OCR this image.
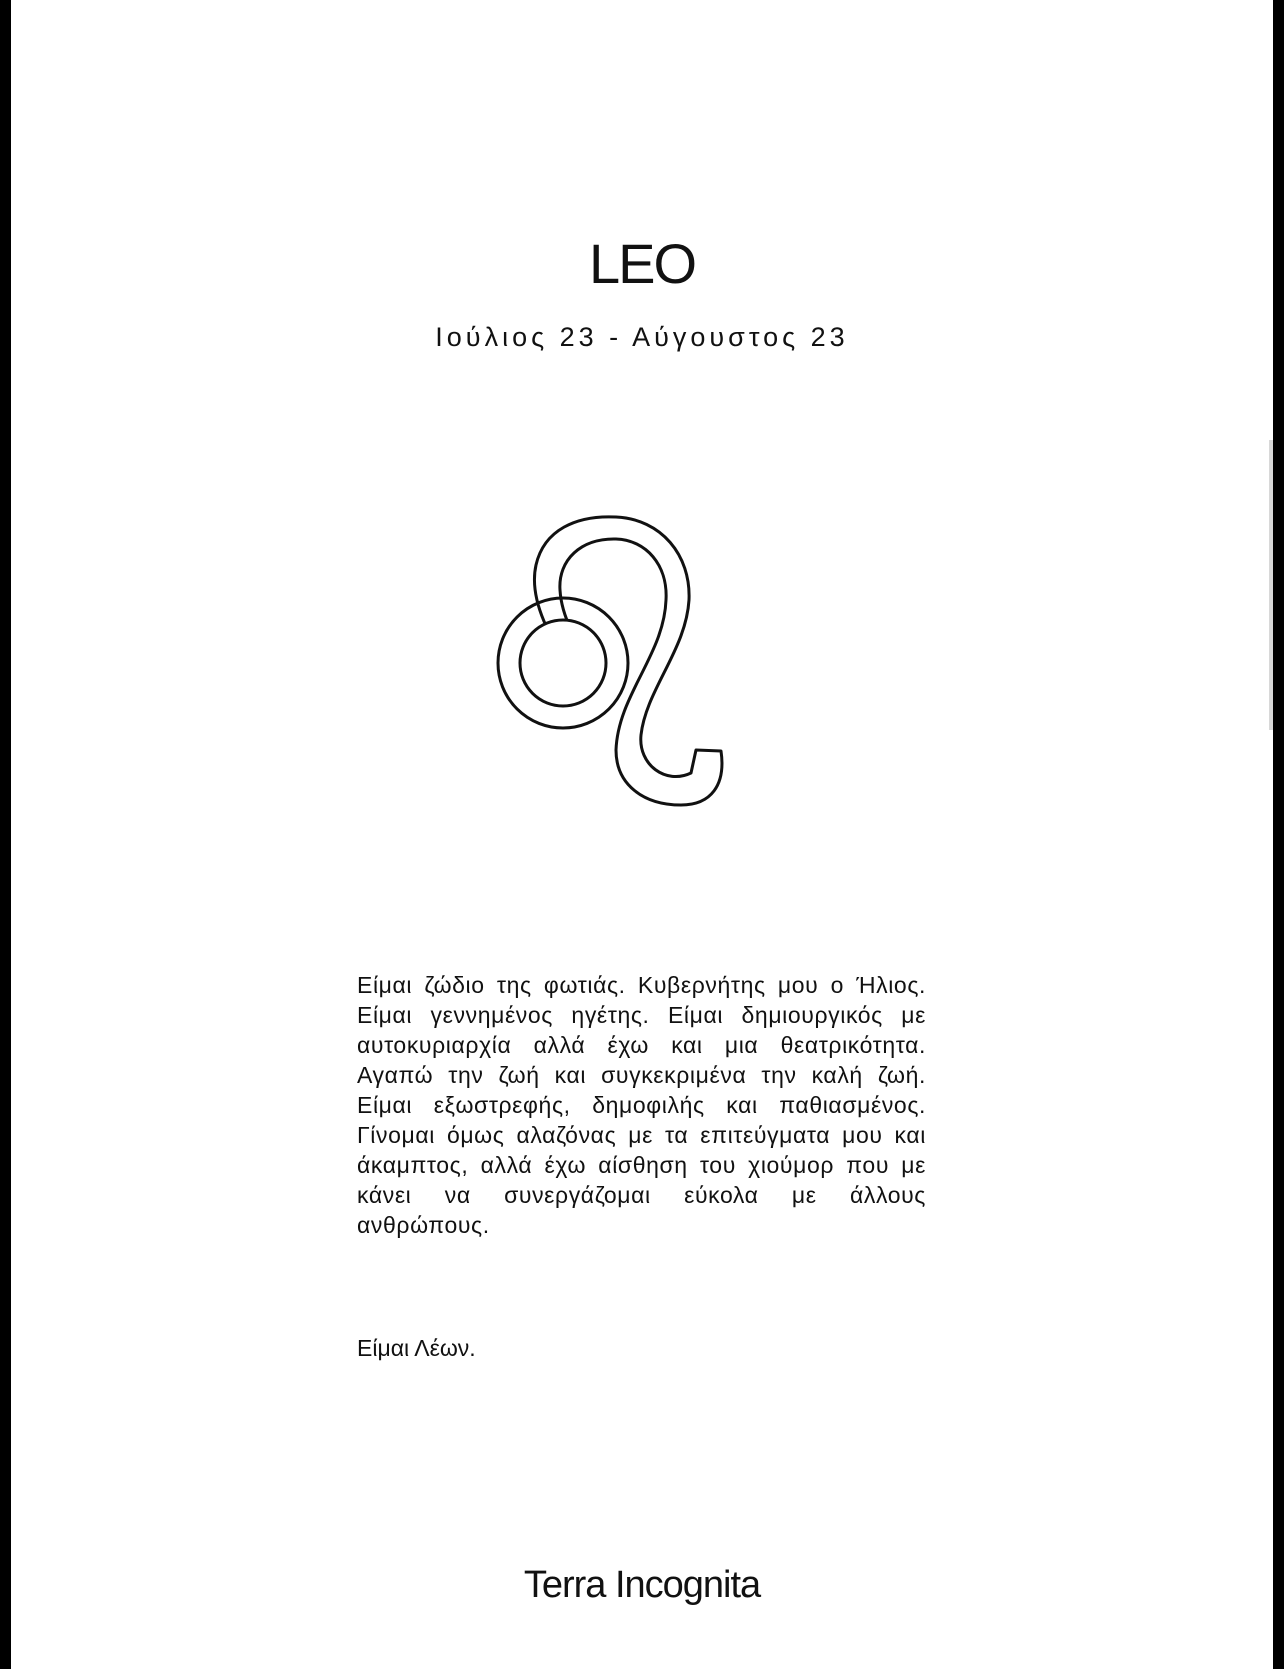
LEO
Ιούλιος 23 - Αύγουστος 23
Είμαι ζώδιο της φωτιάς. Κυβερνήτης μου ο Ήλιος. Είμαι γεννημένος ηγέτης. Είμαι δημιουργικός με αυτοκυριαρχία αλλά έχω και μια θεατρικότητα. Αγαπώ την ζωή και συγκεκριμένα την καλή ζωή. Είμαι εξωστρεφής, δημοφιλής και παθιασμένος. Γίνομαι όμως αλαζόνας με τα επιτεύγματα μου και άκαμπτος, αλλά έχω αίσθηση του χιούμορ που με κάνει να συνεργάζομαι εύκολα με άλλους ανθρώπους.
Είμαι Λέων.
Terra Incognita
